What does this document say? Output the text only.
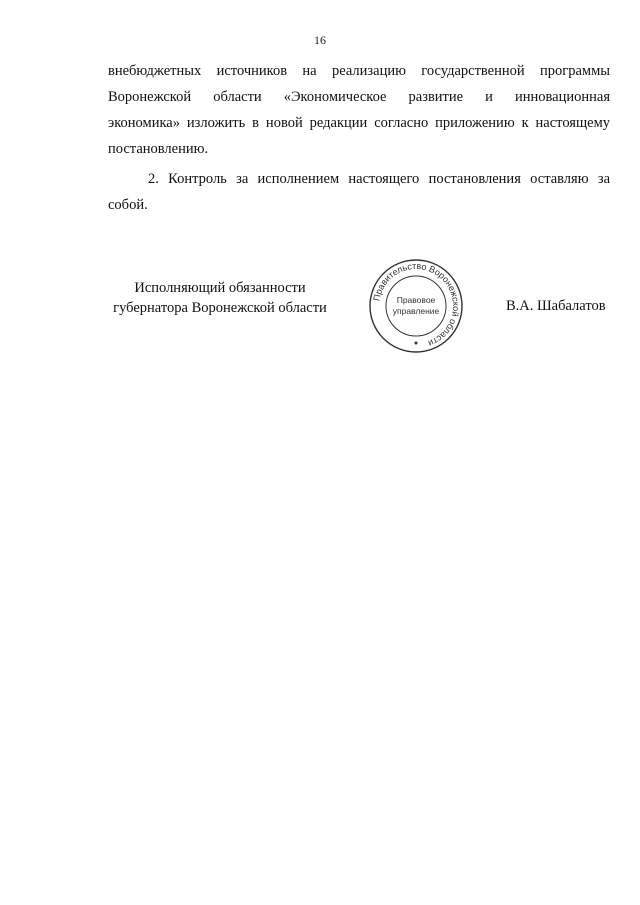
16
внебюджетных источников на реализацию государственной программы
Воронежской области «Экономическое развитие и инновационная
экономика» изложить в новой редакции согласно приложению к настоящему
постановлению.
2. Контроль за исполнением настоящего постановления оставляю за
собой.
Исполняющий обязанности
губернатора Воронежской области
Правительство Воронежской области
Правовое
управление	В.А. Шабалатов
